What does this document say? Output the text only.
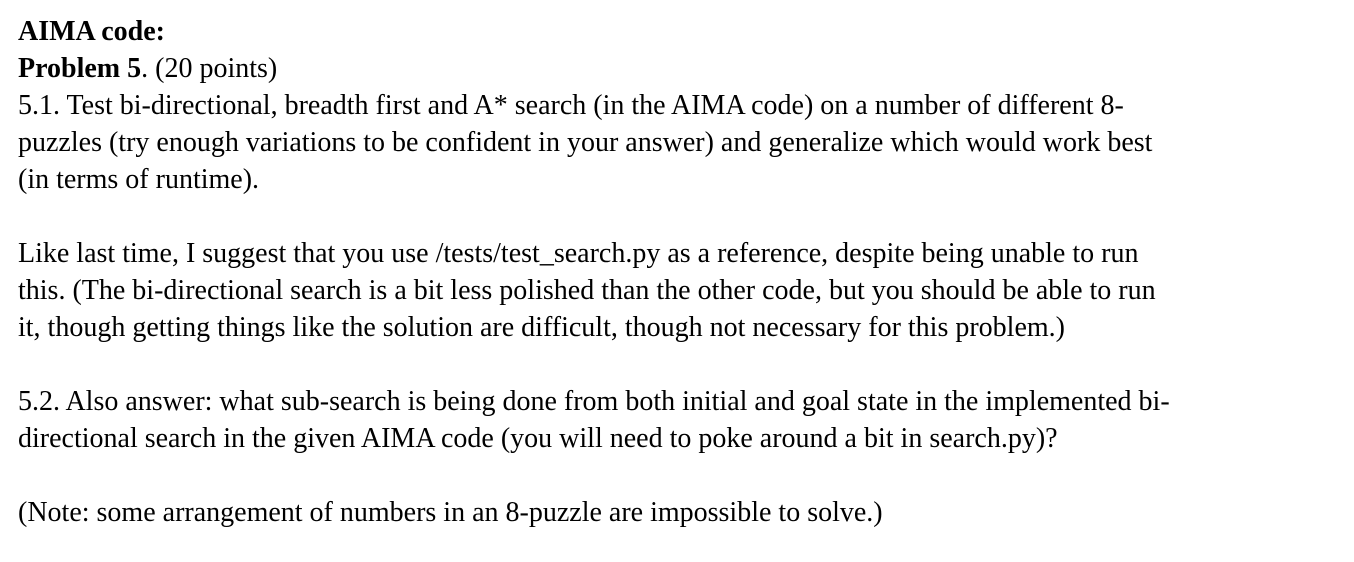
AIMA code:

Problem 5. (20 points)

5.1. Test bi-directional, breadth first and A* search (in the AIMA code) on a number of different 8-

puzzles (try enough variations to be confident in your answer) and generalize which would work best

(in terms of runtime).

Like last time, I suggest that you use /tests/test_search.py as a reference, despite being unable to run

this. (The bi-directional search is a bit less polished than the other code, but you should be able to run

it, though getting things like the solution are difficult, though not necessary for this problem.)

5.2. Also answer: what sub-search is being done from both initial and goal state in the implemented bi-

directional search in the given AIMA code (you will need to poke around a bit in search.py)?

(Note: some arrangement of numbers in an 8-puzzle are impossible to solve.)
